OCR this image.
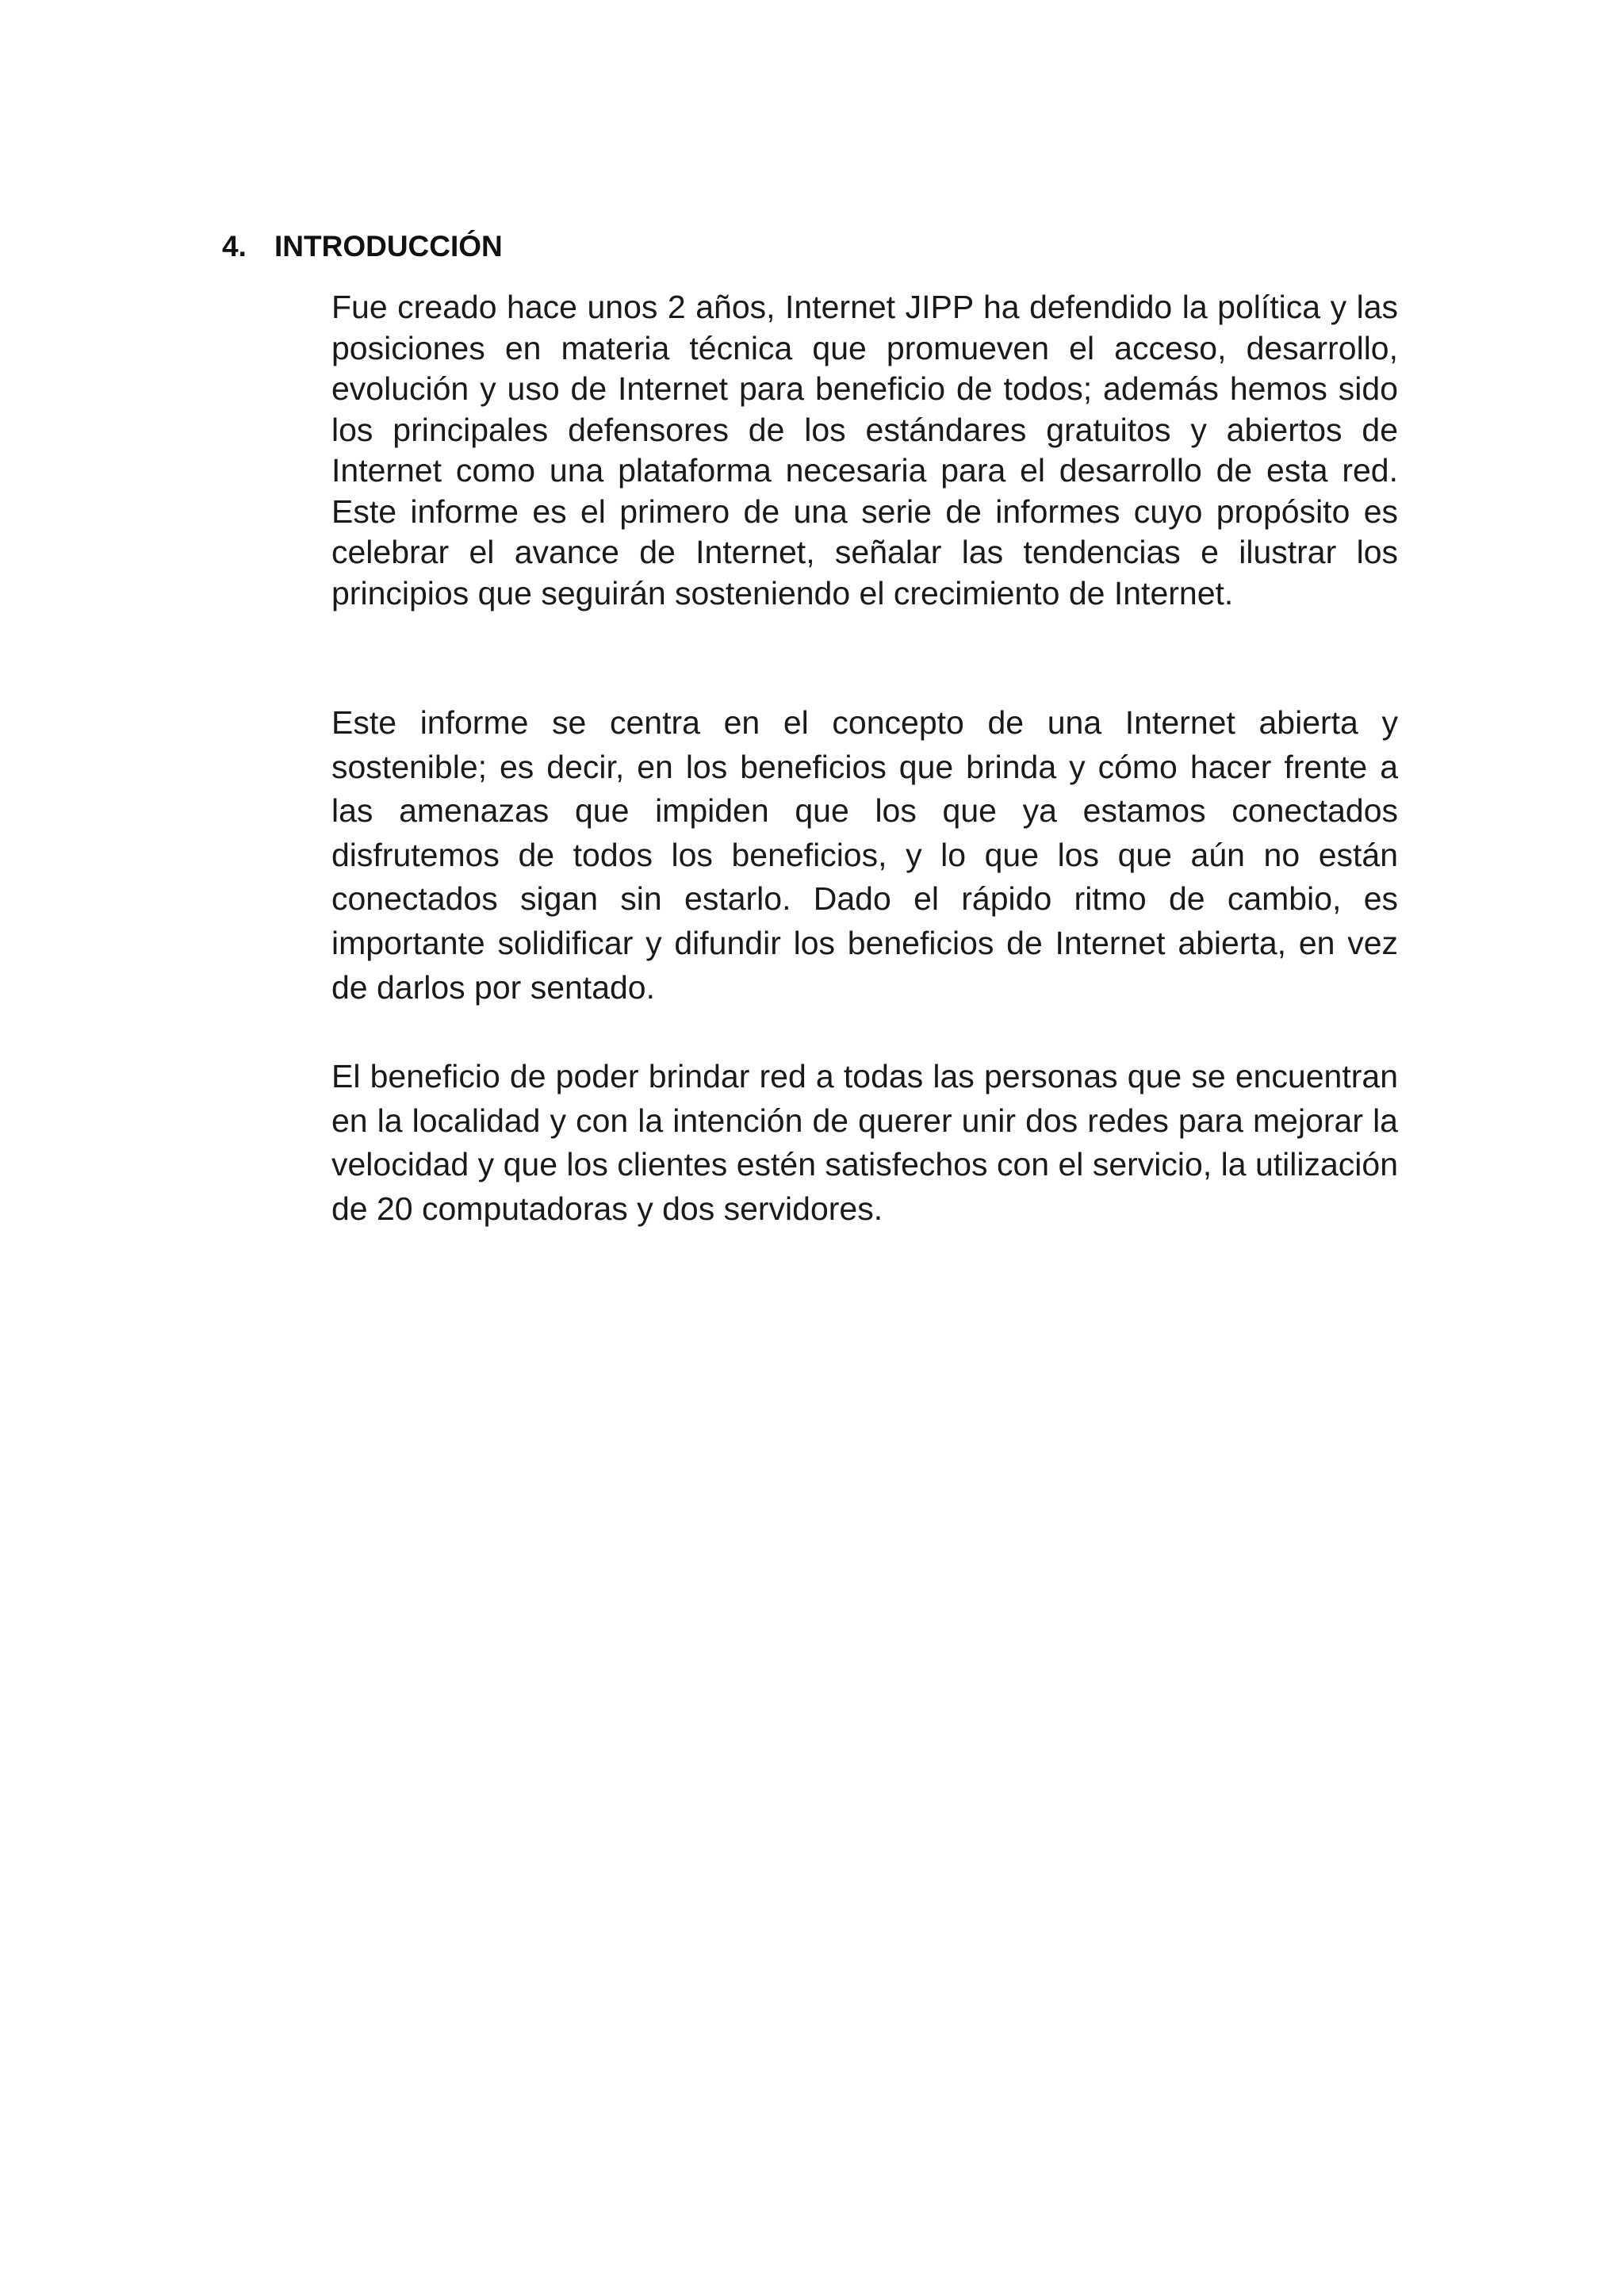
4. INTRODUCCIÓN

Fue creado hace unos 2 años, Internet JIPP ha defendido la política y las posiciones en materia técnica que promueven el acceso, desarrollo, evolución y uso de Internet para beneficio de todos; además hemos sido los principales defensores de los estándares gratuitos y abiertos de Internet como una plataforma necesaria para el desarrollo de esta red. Este informe es el primero de una serie de informes cuyo propósito es celebrar el avance de Internet, señalar las tendencias e ilustrar los principios que seguirán sosteniendo el crecimiento de Internet.

Este informe se centra en el concepto de una Internet abierta y sostenible; es decir, en los beneficios que brinda y cómo hacer frente a las amenazas que impiden que los que ya estamos conectados disfrutemos de todos los beneficios, y lo que los que aún no están conectados sigan sin estarlo. Dado el rápido ritmo de cambio, es importante solidificar y difundir los beneficios de Internet abierta, en vez de darlos por sentado.

El beneficio de poder brindar red a todas las personas que se encuentran en la localidad y con la intención de querer unir dos redes para mejorar la velocidad y que los clientes estén satisfechos con el servicio, la utilización de 20 computadoras y dos servidores.
